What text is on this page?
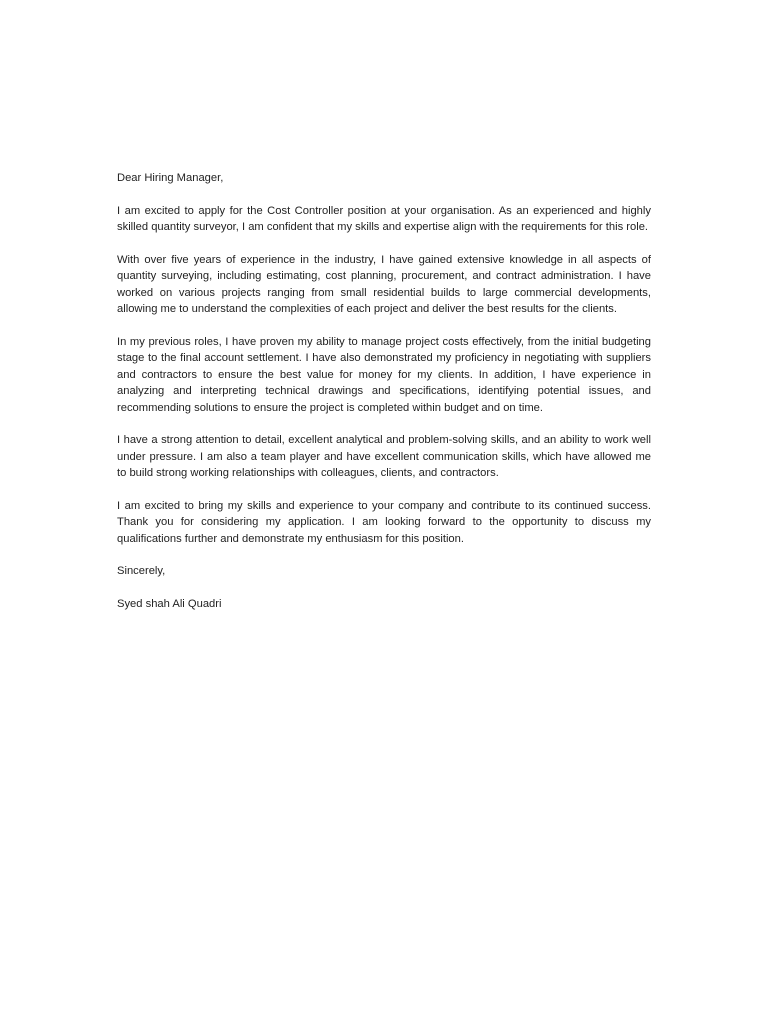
Dear Hiring Manager,

I am excited to apply for the Cost Controller position at your organisation. As an experienced and highly skilled quantity surveyor, I am confident that my skills and expertise align with the requirements for this role.

With over five years of experience in the industry, I have gained extensive knowledge in all aspects of quantity surveying, including estimating, cost planning, procurement, and contract administration. I have worked on various projects ranging from small residential builds to large commercial developments, allowing me to understand the complexities of each project and deliver the best results for the clients.

In my previous roles, I have proven my ability to manage project costs effectively, from the initial budgeting stage to the final account settlement. I have also demonstrated my proficiency in negotiating with suppliers and contractors to ensure the best value for money for my clients. In addition, I have experience in analyzing and interpreting technical drawings and specifications, identifying potential issues, and recommending solutions to ensure the project is completed within budget and on time.

I have a strong attention to detail, excellent analytical and problem-solving skills, and an ability to work well under pressure. I am also a team player and have excellent communication skills, which have allowed me to build strong working relationships with colleagues, clients, and contractors.

I am excited to bring my skills and experience to your company and contribute to its continued success. Thank you for considering my application. I am looking forward to the opportunity to discuss my qualifications further and demonstrate my enthusiasm for this position.

Sincerely,

Syed shah Ali Quadri
